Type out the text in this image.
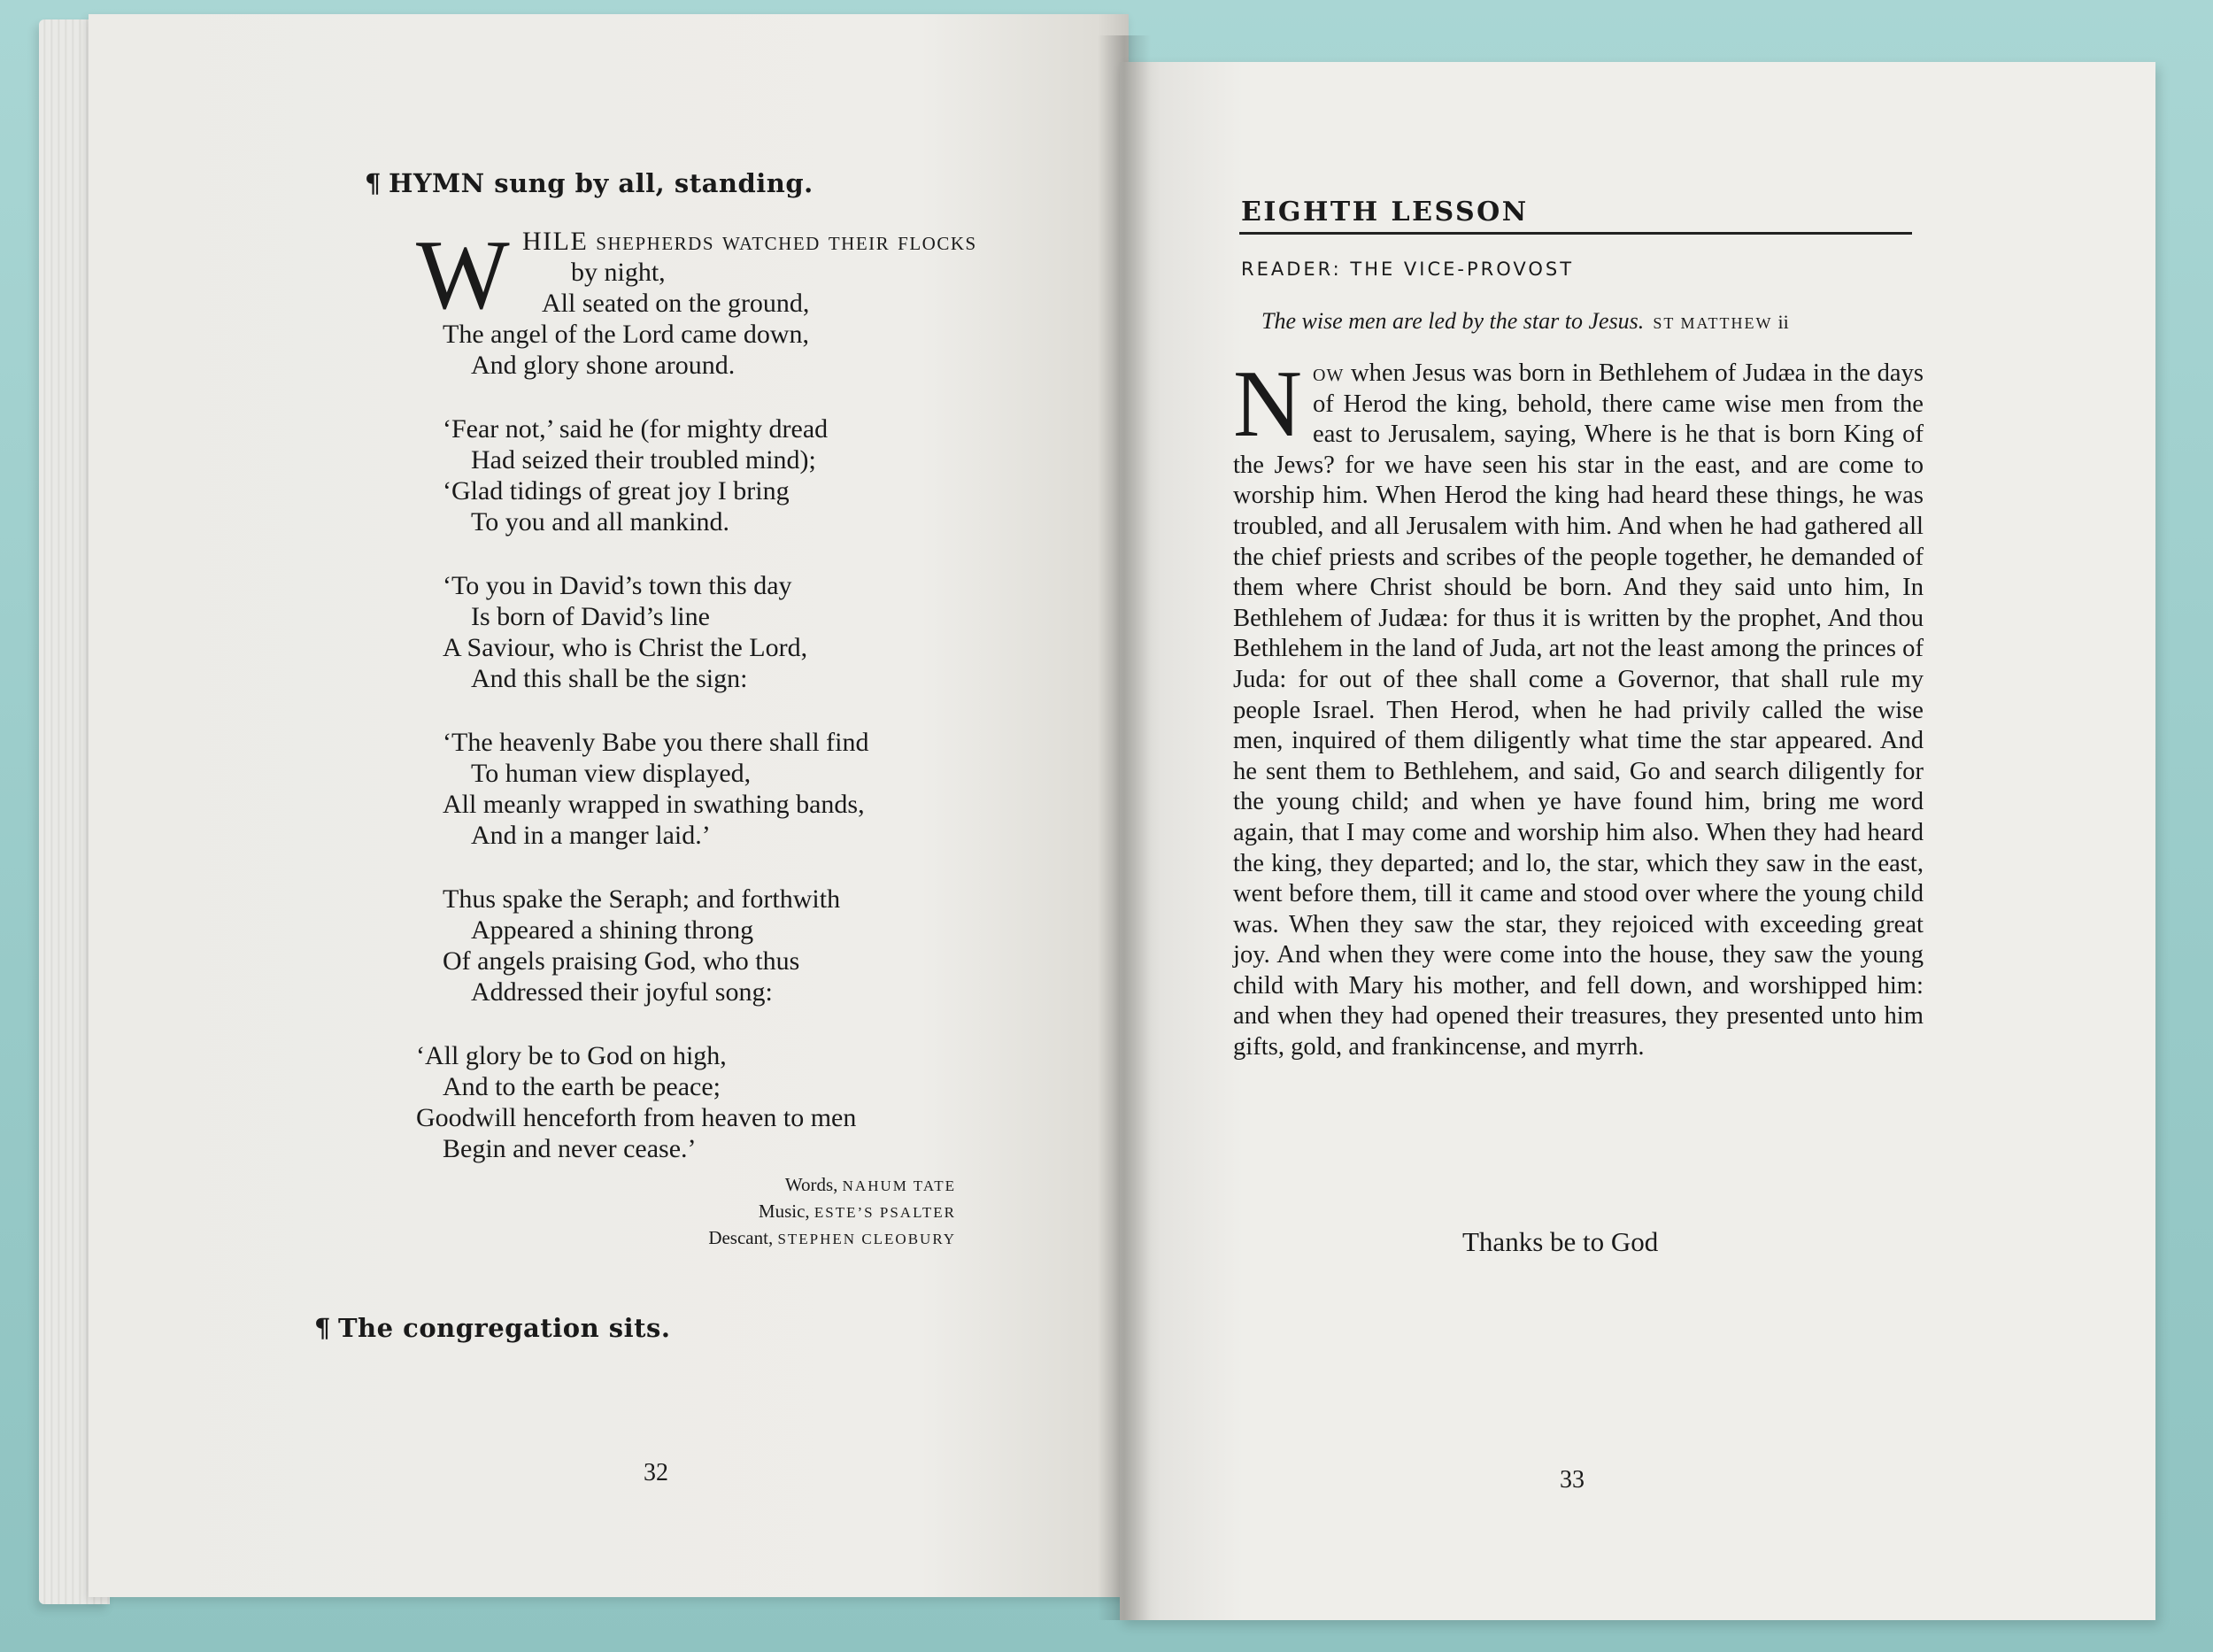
¶ HYMN sung by all, standing.
W HILE shepherds watched their flocks
by night,
All seated on the ground,
The angel of the Lord came down,
And glory shone around.
‘Fear not,’ said he (for mighty dread
Had seized their troubled mind);
‘Glad tidings of great joy I bring
To you and all mankind.
‘To you in David’s town this day
Is born of David’s line
A Saviour, who is Christ the Lord,
And this shall be the sign:
‘The heavenly Babe you there shall find
To human view displayed,
All meanly wrapped in swathing bands,
And in a manger laid.’
Thus spake the Seraph; and forthwith
Appeared a shining throng
Of angels praising God, who thus
Addressed their joyful song:
‘All glory be to God on high,
And to the earth be peace;
Goodwill henceforth from heaven to men
Begin and never cease.’
Words, NAHUM TATE
Music, ESTE’S PSALTER
Descant, STEPHEN CLEOBURY
¶ The congregation sits.
32
EIGHTH LESSON
READER: THE VICE-PROVOST
The wise men are led by the star to Jesus. ST MATTHEW ii
Now when Jesus was born in Bethlehem of Judæa in the days of Herod the king, behold, there came wise men from the east to Jerusalem, saying, Where is he that is born King of the Jews? for we have seen his star in the east, and are come to worship him. When Herod the king had heard these things, he was troubled, and all Jerusalem with him. And when he had gathered all the chief priests and scribes of the people together, he demanded of them where Christ should be born. And they said unto him, In Bethlehem of Judæa: for thus it is written by the prophet, And thou Bethlehem in the land of Juda, art not the least among the princes of Juda: for out of thee shall come a Governor, that shall rule my people Israel. Then Herod, when he had privily called the wise men, inquired of them diligently what time the star appeared. And he sent them to Bethlehem, and said, Go and search diligently for the young child; and when ye have found him, bring me word again, that I may come and worship him also. When they had heard the king, they departed; and lo, the star, which they saw in the east, went before them, till it came and stood over where the young child was. When they saw the star, they rejoiced with exceeding great joy. And when they were come into the house, they saw the young child with Mary his mother, and fell down, and worshipped him: and when they had opened their treasures, they presented unto him gifts, gold, and frankincense, and myrrh.
Thanks be to God
33
